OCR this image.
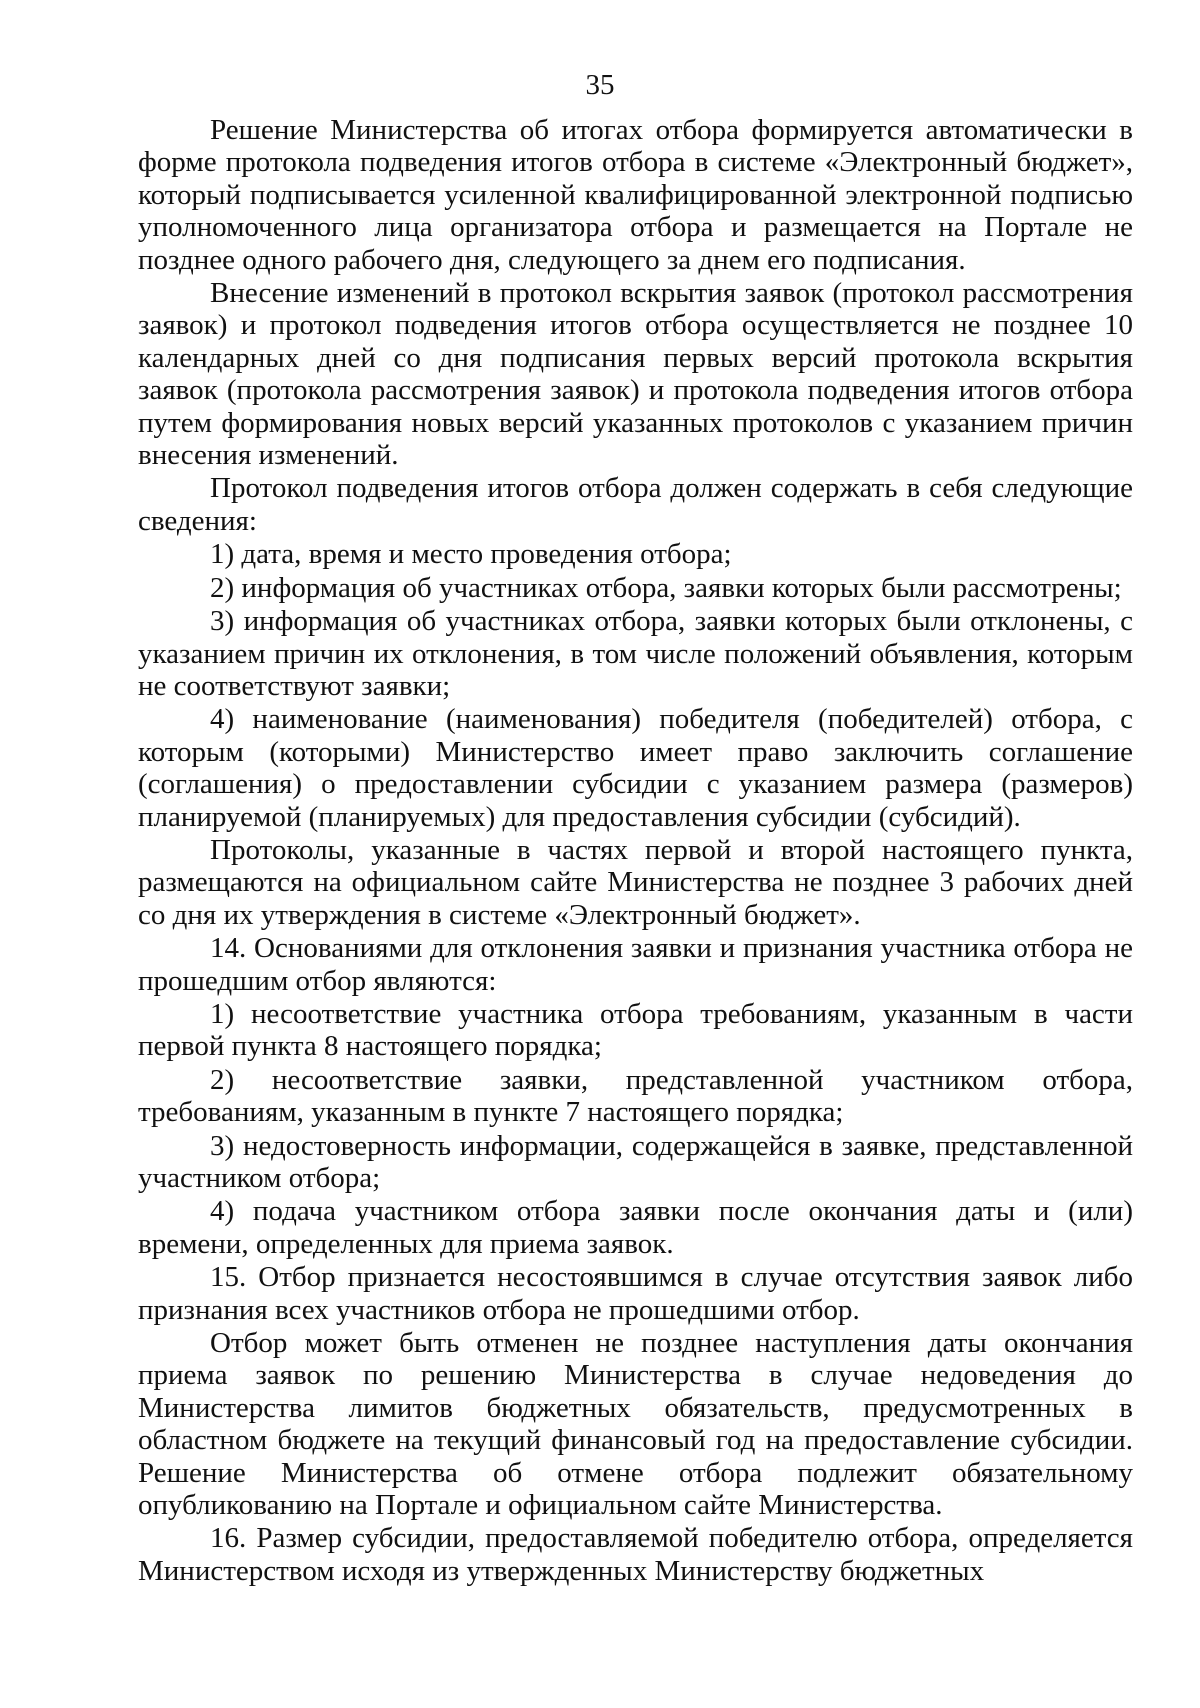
35

Решение Министерства об итогах отбора формируется автоматически в форме протокола подведения итогов отбора в системе «Электронный бюджет», который подписывается усиленной квалифицированной электронной подписью уполномоченного лица организатора отбора и размещается на Портале не позднее одного рабочего дня, следующего за днем его подписания.

Внесение изменений в протокол вскрытия заявок (протокол рассмотрения заявок) и протокол подведения итогов отбора осуществляется не позднее 10 календарных дней со дня подписания первых версий протокола вскрытия заявок (протокола рассмотрения заявок) и протокола подведения итогов отбора путем формирования новых версий указанных протоколов с указанием причин внесения изменений.

Протокол подведения итогов отбора должен содержать в себя следующие сведения:

1) дата, время и место проведения отбора;

2) информация об участниках отбора, заявки которых были рассмотрены;

3) информация об участниках отбора, заявки которых были отклонены, с указанием причин их отклонения, в том числе положений объявления, которым не соответствуют заявки;

4) наименование (наименования) победителя (победителей) отбора, с которым (которыми) Министерство имеет право заключить соглашение (соглашения) о предоставлении субсидии с указанием размера (размеров) планируемой (планируемых) для предоставления субсидии (субсидий).

Протоколы, указанные в частях первой и второй настоящего пункта, размещаются на официальном сайте Министерства не позднее 3 рабочих дней со дня их утверждения в системе «Электронный бюджет».

14. Основаниями для отклонения заявки и признания участника отбора не прошедшим отбор являются:

1) несоответствие участника отбора требованиям, указанным в части первой пункта 8 настоящего порядка;

2) несоответствие заявки, представленной участником отбора, требованиям, указанным в пункте 7 настоящего порядка;

3) недостоверность информации, содержащейся в заявке, представленной участником отбора;

4) подача участником отбора заявки после окончания даты и (или) времени, определенных для приема заявок.

15. Отбор признается несостоявшимся в случае отсутствия заявок либо признания всех участников отбора не прошедшими отбор.

Отбор может быть отменен не позднее наступления даты окончания приема заявок по решению Министерства в случае недоведения до Министерства лимитов бюджетных обязательств, предусмотренных в областном бюджете на текущий финансовый год на предоставление субсидии. Решение Министерства об отмене отбора подлежит обязательному опубликованию на Портале и официальном сайте Министерства.

16. Размер субсидии, предоставляемой победителю отбора, определяется Министерством исходя из утвержденных Министерству бюджетных
